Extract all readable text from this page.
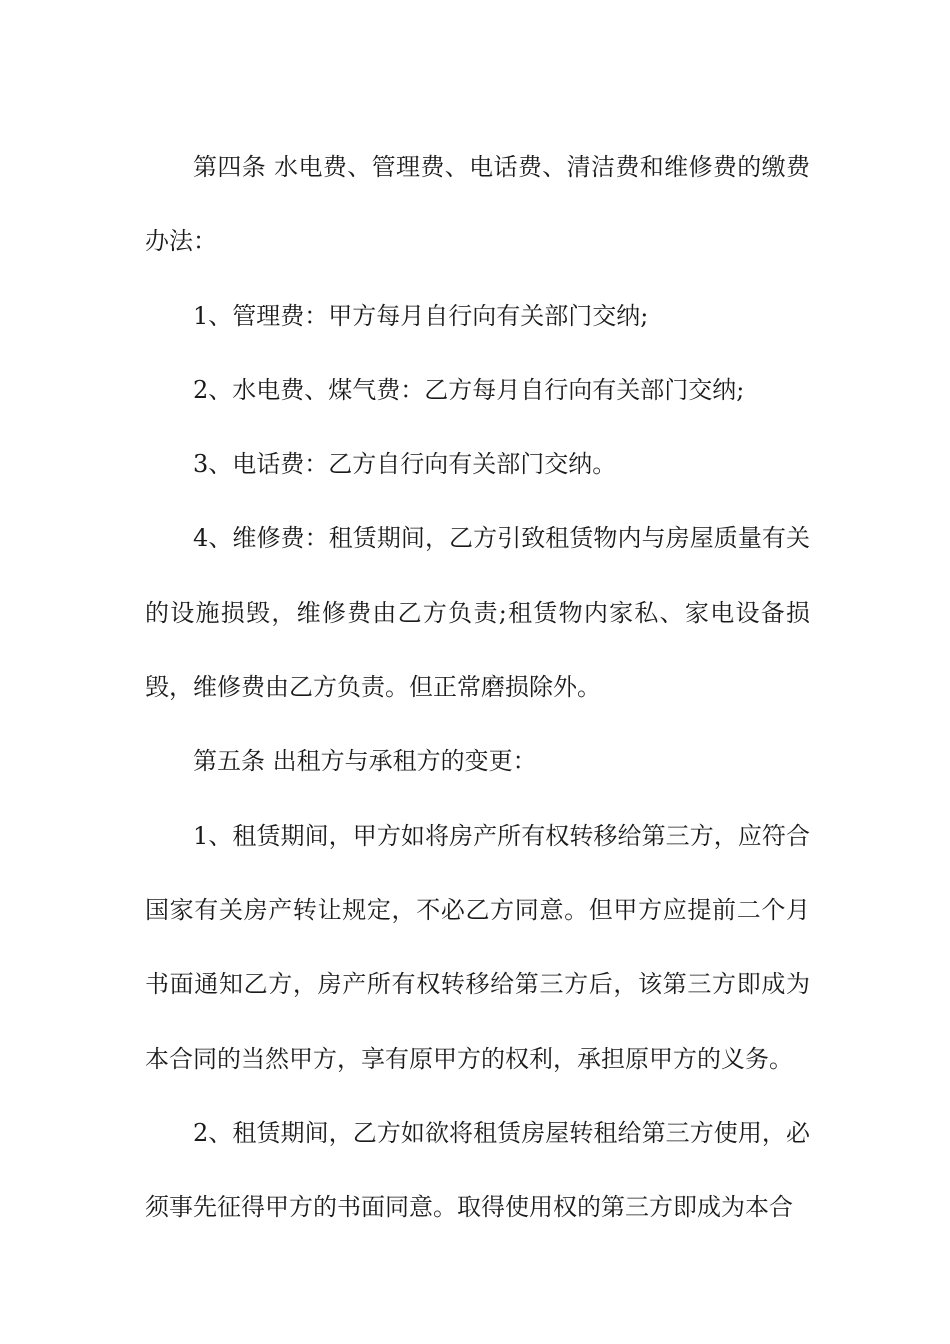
第四条 水电费、管理费、电话费、清洁费和维修费的缴费办法：

1、管理费：甲方每月自行向有关部门交纳;

2、水电费、煤气费：乙方每月自行向有关部门交纳;

3、电话费：乙方自行向有关部门交纳。

4、维修费：租赁期间，乙方引致租赁物内与房屋质量有关的设施损毁，维修费由乙方负责;租赁物内家私、家电设备损毁，维修费由乙方负责。但正常磨损除外。

第五条 出租方与承租方的变更：

1、租赁期间，甲方如将房产所有权转移给第三方，应符合国家有关房产转让规定，不必乙方同意。但甲方应提前二个月书面通知乙方，房产所有权转移给第三方后，该第三方即成为本合同的当然甲方，享有原甲方的权利，承担原甲方的义务。

2、租赁期间，乙方如欲将租赁房屋转租给第三方使用，必须事先征得甲方的书面同意。取得使用权的第三方即成为本合
